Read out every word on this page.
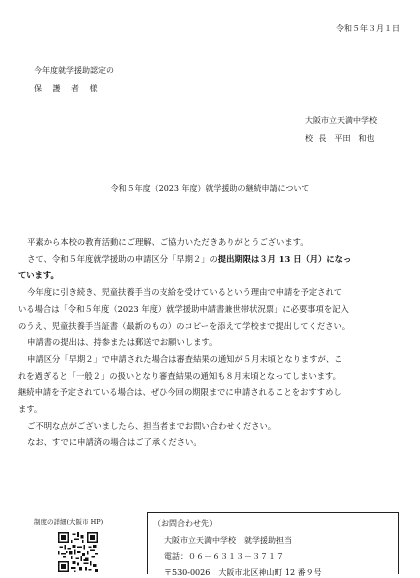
令和５年３月１日
今年度就学援助認定の
保護者様
大阪市立天満中学校
校 長　平田　和也
令和５年度（2023 年度）就学援助の継続申請について

平素から本校の教育活動にご理解、ご協力いただきありがとうございます。

さて、令和５年度就学援助の申請区分「早期２」の提出期限は３月 13 日（月）になっ

ています。

今年度に引き続き、児童扶養手当の支給を受けているという理由で申請を予定されて

いる場合は「令和５年度（2023 年度）就学援助申請書兼世帯状況票」に必要事項を記入

のうえ、児童扶養手当証書（最新のもの）のコピーを添えて学校まで提出してください。

申請書の提出は、持参または郵送でお願いします。

申請区分「早期２」で申請された場合は審査結果の通知が５月末頃となりますが、こ

れを過ぎると「一般２」の扱いとなり審査結果の通知も８月末頃となってしまいます。

継続申請を予定されている場合は、ぜひ今回の期限までに申請されることをおすすめし

ます。

ご不明な点がございましたら、担当者までお問い合わせください。

なお、すでに申請済の場合はご了承ください。

制度の詳細(大阪市 HP)	（お問合わせ先）
大阪市立天満中学校　就学援助担当
電話：０６－６３１３－３７１７
〒530-0026　大阪市北区神山町 12 番９号
